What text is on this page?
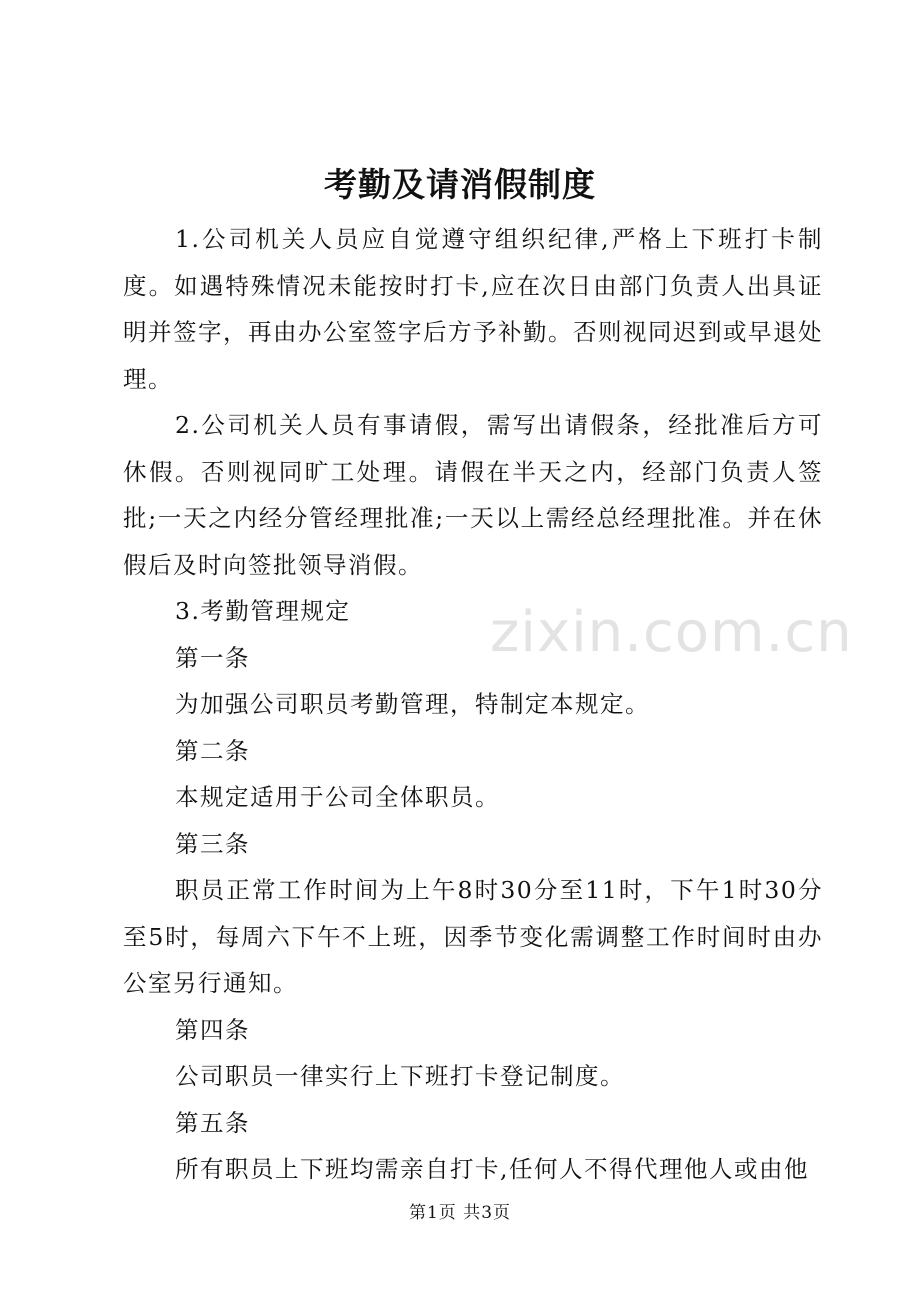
zixin.com.cn
考勤及请消假制度

1.公司机关人员应自觉遵守组织纪律,严格上下班打卡制度。如遇特殊情况未能按时打卡,应在次日由部门负责人出具证明并签字，再由办公室签字后方予补勤。否则视同迟到或早退处理。

2.公司机关人员有事请假，需写出请假条，经批准后方可休假。否则视同旷工处理。请假在半天之内，经部门负责人签批;一天之内经分管经理批准;一天以上需经总经理批准。并在休假后及时向签批领导消假。

3.考勤管理规定

第一条

为加强公司职员考勤管理，特制定本规定。

第二条

本规定适用于公司全体职员。

第三条

职员正常工作时间为上午8时30分至11时，下午1时30分至5时，每周六下午不上班，因季节变化需调整工作时间时由办公室另行通知。

第四条

公司职员一律实行上下班打卡登记制度。

第五条

所有职员上下班均需亲自打卡,任何人不得代理他人或由他

第1页 共3页
